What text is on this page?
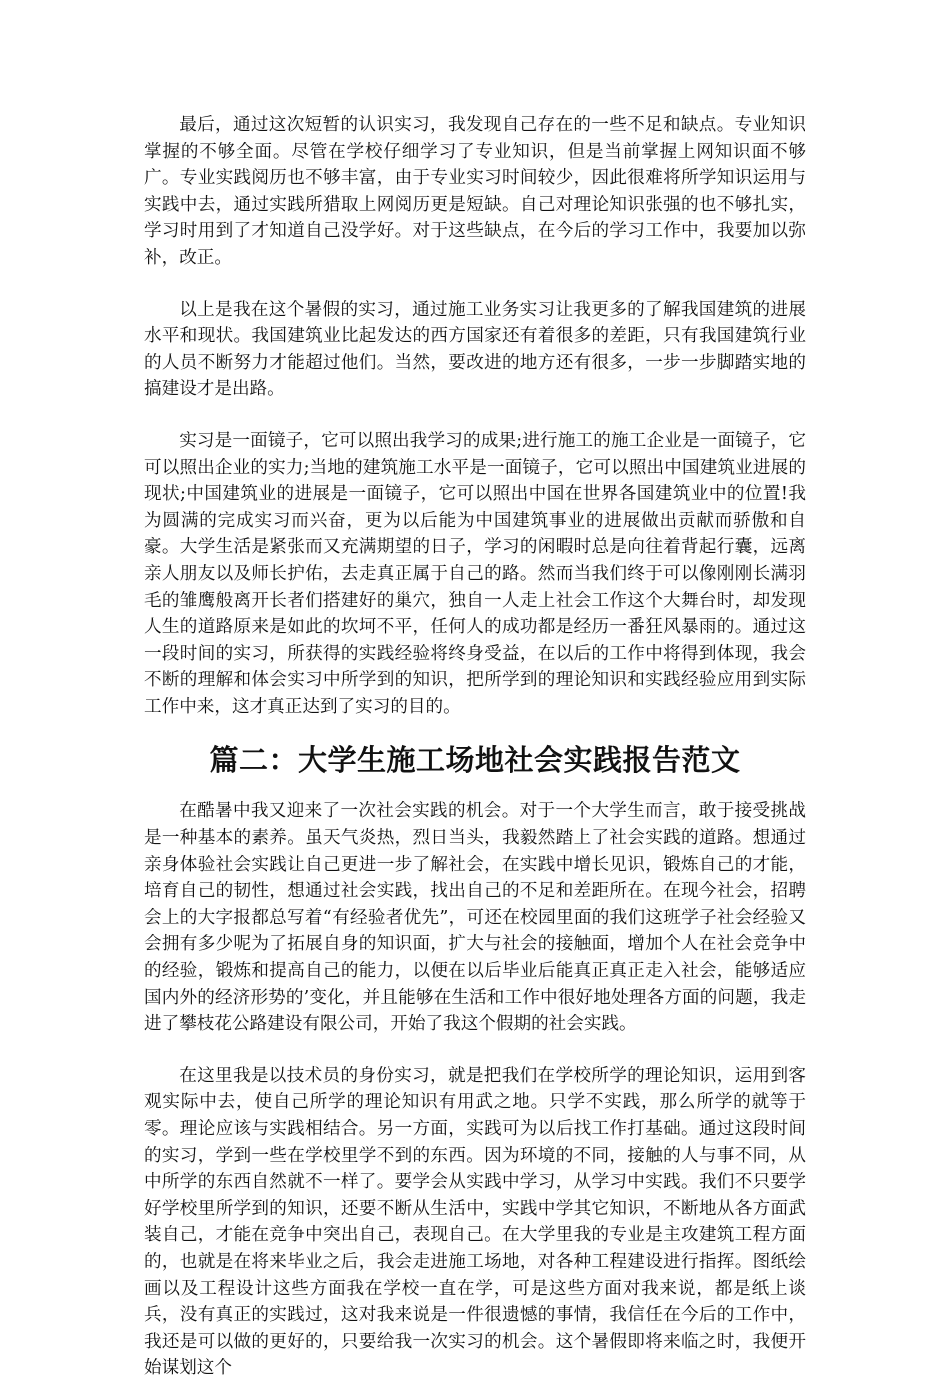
最后，通过这次短暂的认识实习，我发现自己存在的一些不足和缺点。专业知识掌握的不够全面。尽管在学校仔细学习了专业知识，但是当前掌握上网知识面不够广。专业实践阅历也不够丰富，由于专业实习时间较少，因此很难将所学知识运用与实践中去，通过实践所猎取上网阅历更是短缺。自己对理论知识张强的也不够扎实，学习时用到了才知道自己没学好。对于这些缺点，在今后的学习工作中，我要加以弥补，改正。

以上是我在这个暑假的实习，通过施工业务实习让我更多的了解我国建筑的进展水平和现状。我国建筑业比起发达的西方国家还有着很多的差距，只有我国建筑行业的人员不断努力才能超过他们。当然，要改进的地方还有很多，一步一步脚踏实地的搞建设才是出路。

实习是一面镜子，它可以照出我学习的成果;进行施工的施工企业是一面镜子，它可以照出企业的实力;当地的建筑施工水平是一面镜子，它可以照出中国建筑业进展的现状;中国建筑业的进展是一面镜子，它可以照出中国在世界各国建筑业中的位置!我为圆满的完成实习而兴奋，更为以后能为中国建筑事业的进展做出贡献而骄傲和自豪。大学生活是紧张而又充满期望的日子，学习的闲暇时总是向往着背起行囊，远离亲人朋友以及师长护佑，去走真正属于自己的路。然而当我们终于可以像刚刚长满羽毛的雏鹰般离开长者们搭建好的巢穴，独自一人走上社会工作这个大舞台时，却发现人生的道路原来是如此的坎坷不平，任何人的成功都是经历一番狂风暴雨的。通过这一段时间的实习，所获得的实践经验将终身受益，在以后的工作中将得到体现，我会不断的理解和体会实习中所学到的知识，把所学到的理论知识和实践经验应用到实际工作中来，这才真正达到了实习的目的。

篇二：大学生施工场地社会实践报告范文

在酷暑中我又迎来了一次社会实践的机会。对于一个大学生而言，敢于接受挑战是一种基本的素养。虽天气炎热，烈日当头，我毅然踏上了社会实践的道路。想通过亲身体验社会实践让自己更进一步了解社会，在实践中增长见识，锻炼自己的才能，培育自己的韧性，想通过社会实践，找出自己的不足和差距所在。在现今社会，招聘会上的大字报都总写着“有经验者优先”，可还在校园里面的我们这班学子社会经验又会拥有多少呢为了拓展自身的知识面，扩大与社会的接触面，增加个人在社会竞争中的经验，锻炼和提高自己的能力，以便在以后毕业后能真正真正走入社会，能够适应国内外的经济形势的’变化，并且能够在生活和工作中很好地处理各方面的问题，我走进了攀枝花公路建设有限公司，开始了我这个假期的社会实践。

在这里我是以技术员的身份实习，就是把我们在学校所学的理论知识，运用到客观实际中去，使自己所学的理论知识有用武之地。只学不实践，那么所学的就等于零。理论应该与实践相结合。另一方面，实践可为以后找工作打基础。通过这段时间的实习，学到一些在学校里学不到的东西。因为环境的不同，接触的人与事不同，从中所学的东西自然就不一样了。要学会从实践中学习，从学习中实践。我们不只要学好学校里所学到的知识，还要不断从生活中，实践中学其它知识，不断地从各方面武装自己，才能在竞争中突出自己，表现自己。在大学里我的专业是主攻建筑工程方面的，也就是在将来毕业之后，我会走进施工场地，对各种工程建设进行指挥。图纸绘画以及工程设计这些方面我在学校一直在学，可是这些方面对我来说，都是纸上谈兵，没有真正的实践过，这对我来说是一件很遗憾的事情，我信任在今后的工作中，我还是可以做的更好的，只要给我一次实习的机会。这个暑假即将来临之时，我便开始谋划这个
